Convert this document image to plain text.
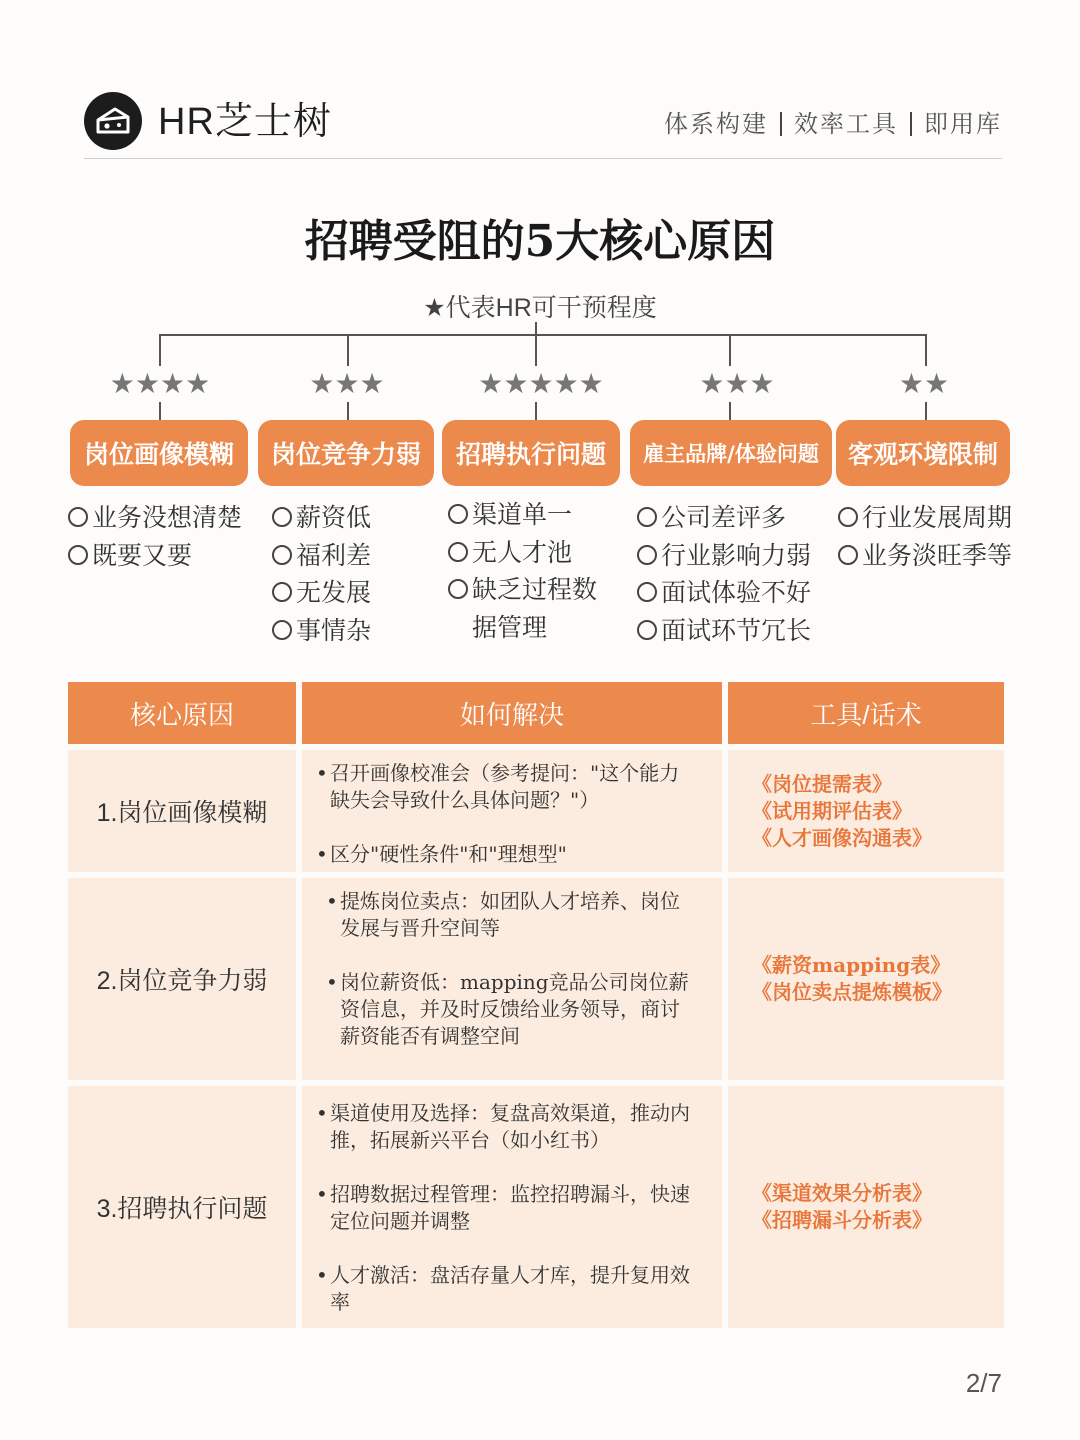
HR芝士树	体系构建 效率工具 即用库
招聘受阻的5大核心原因
★代表HR可干预程度
★★★★	★★★	★★★★★	★★★	★★
岗位画像模糊	岗位竞争力弱	招聘执行问题	雇主品牌/体验问题	客观环境限制
业务没想清楚
既要又要
薪资低
福利差
无发展
事情杂
渠道单一
无人才池
缺乏过程数
据管理
公司差评多
行业影响力弱
面试体验不好
面试环节冗长
行业发展周期
业务淡旺季等
核心原因	如何解决	工具/话术
1.岗位画像模糊
• 召开画像校准会（参考提问："这个能力缺失会导致什么具体问题？"）
• 区分"硬性条件"和"理想型"
《岗位提需表》
《试用期评估表》
《人才画像沟通表》
2.岗位竞争力弱
• 提炼岗位卖点：如团队人才培养、岗位发展与晋升空间等
• 岗位薪资低：mapping竞品公司岗位薪资信息，并及时反馈给业务领导，商讨薪资能否有调整空间
《薪资mapping表》
《岗位卖点提炼模板》
3.招聘执行问题
• 渠道使用及选择：复盘高效渠道，推动内推，拓展新兴平台（如小红书）
• 招聘数据过程管理：监控招聘漏斗，快速定位问题并调整
• 人才激活：盘活存量人才库，提升复用效率
《渠道效果分析表》
《招聘漏斗分析表》
2/7
